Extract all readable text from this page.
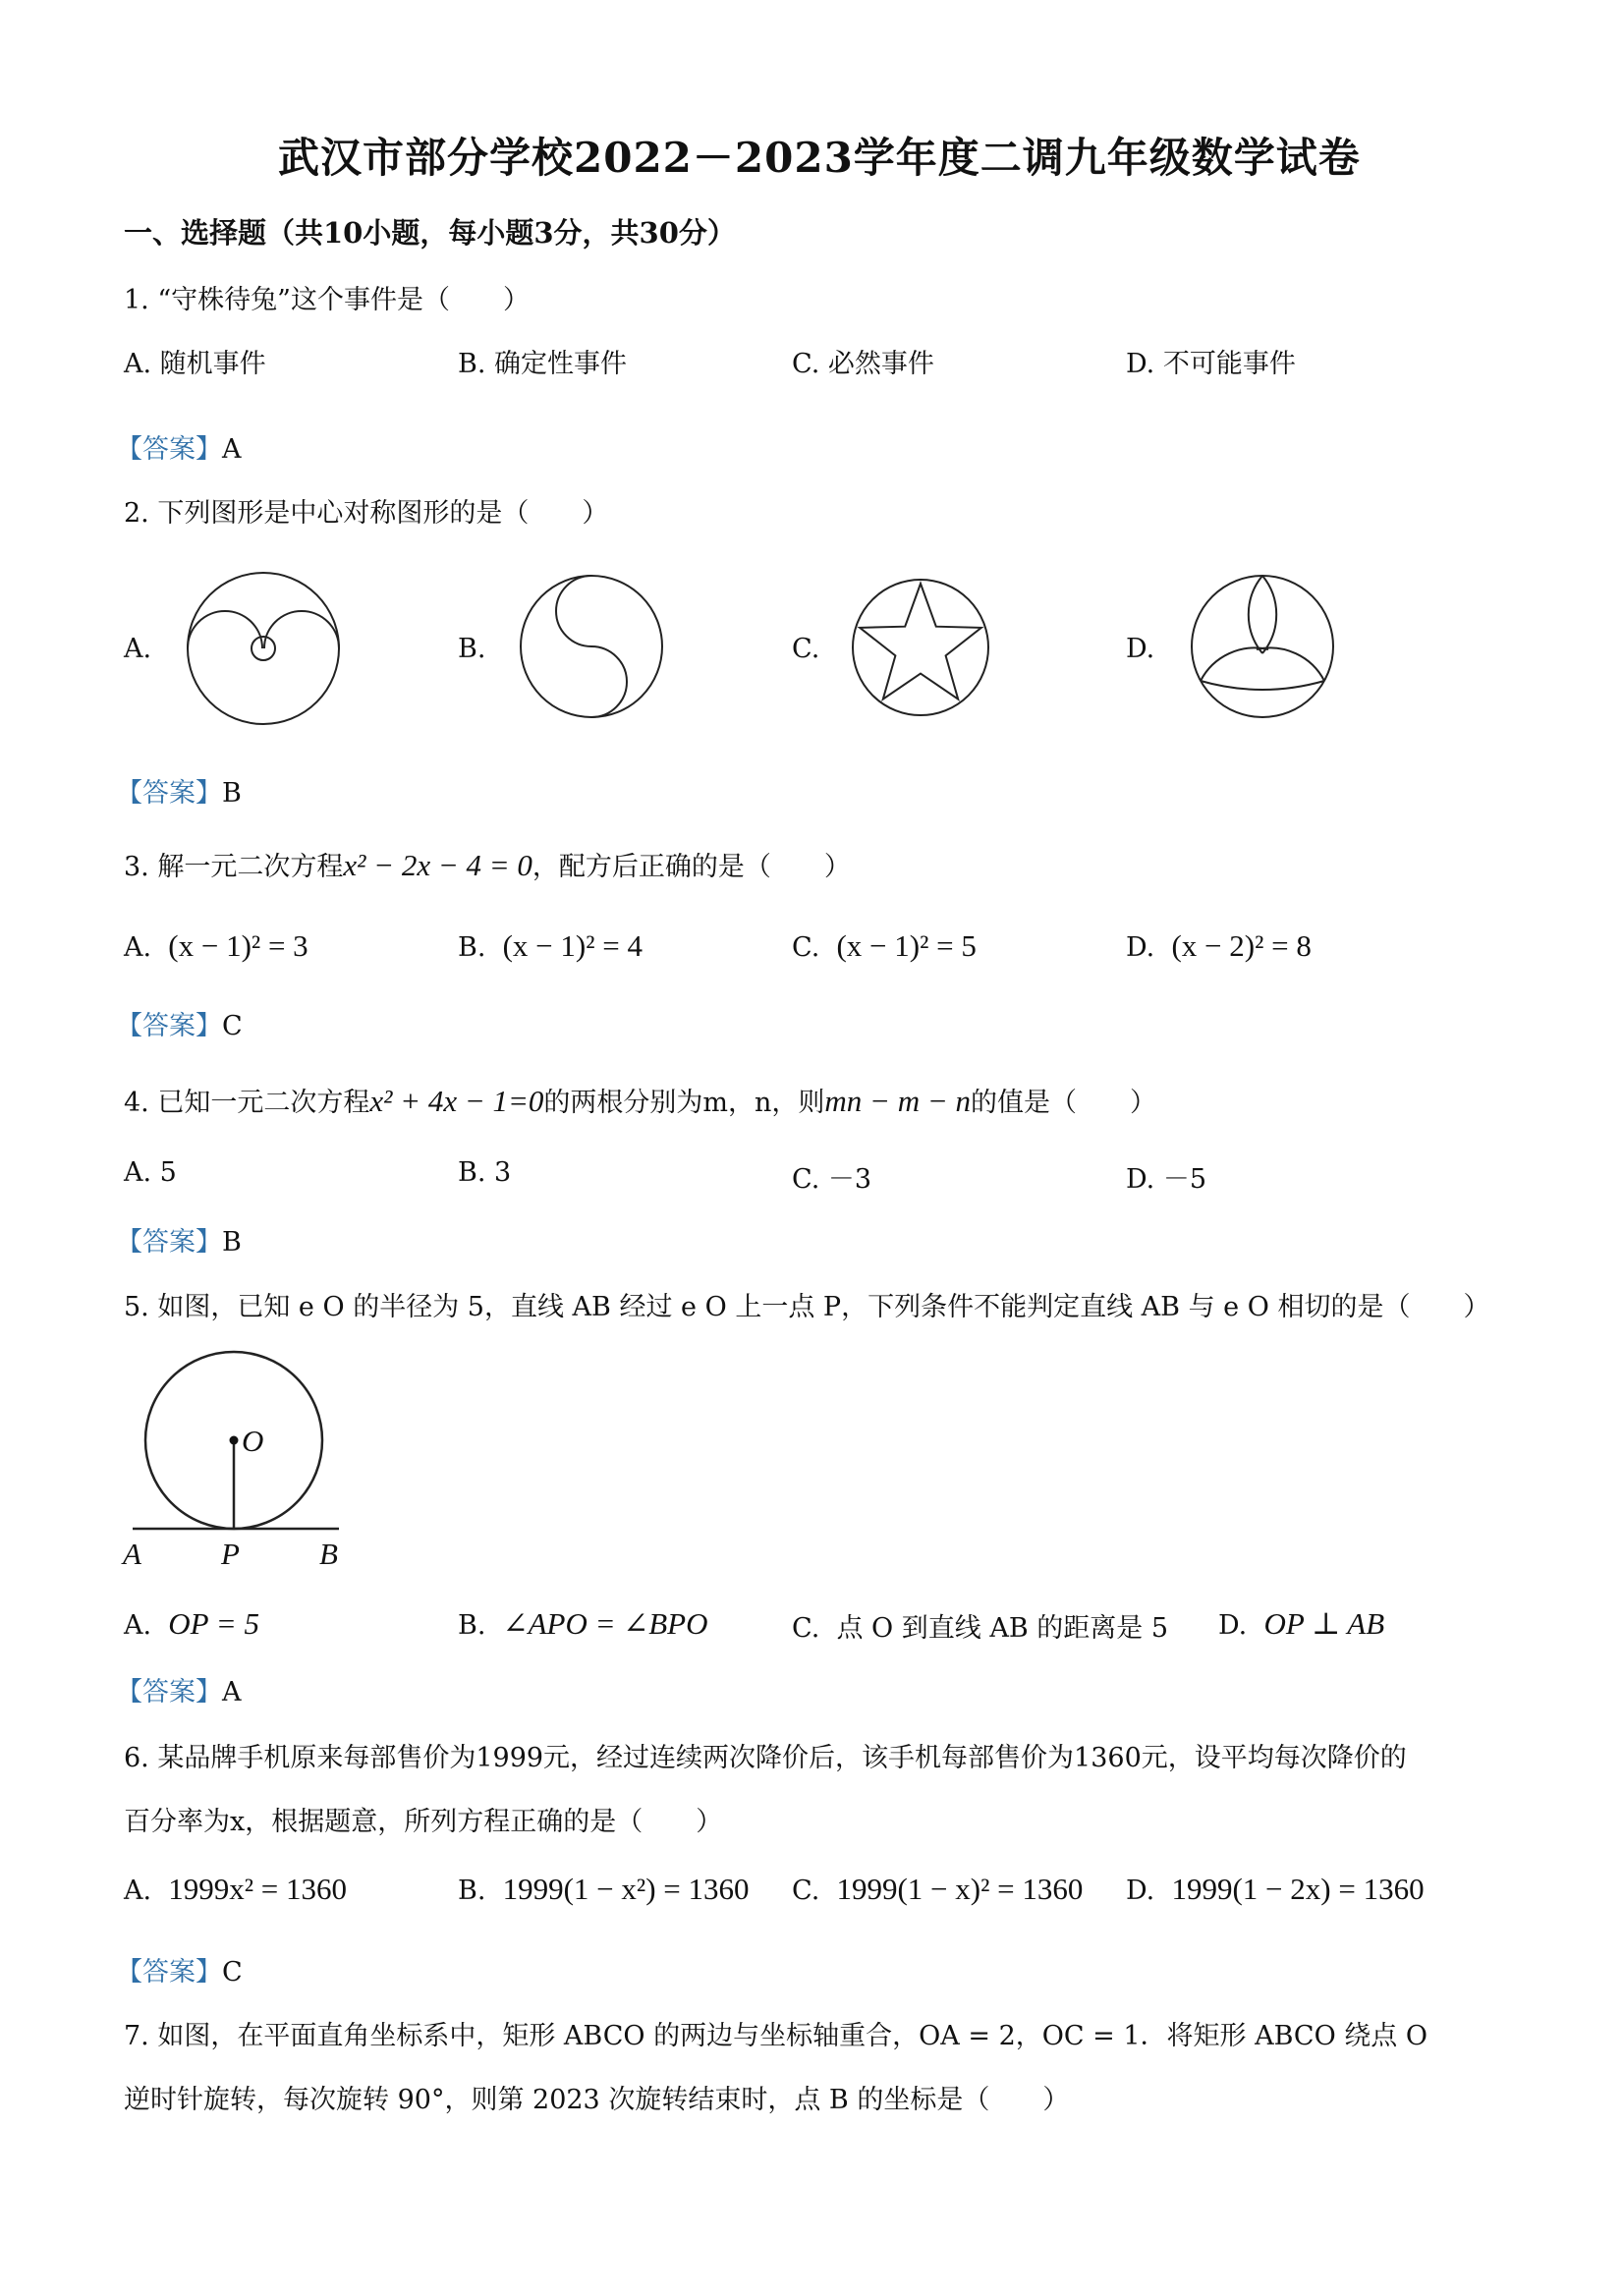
武汉市部分学校2022－2023学年度二调九年级数学试卷
一、选择题（共10小题，每小题3分，共30分）
1. “守株待兔”这个事件是（　　）
A. 随机事件	B. 确定性事件	C. 必然事件	D. 不可能事件
【答案】A
2. 下列图形是中心对称图形的是（　　）
A.	B.	C.	D.
【答案】B
3. 解一元二次方程x² − 2x − 4 = 0，配方后正确的是（　　）
A. (x − 1)² = 3	B. (x − 1)² = 4	C. (x − 1)² = 5	D. (x − 2)² = 8
【答案】C
4. 已知一元二次方程x² + 4x − 1=0的两根分别为m，n，则mn − m − n的值是（　　）
A. 5	B. 3	C. －3	D. －5
【答案】B
5. 如图，已知 e O 的半径为 5，直线 AB 经过 e O 上一点 P，下列条件不能判定直线 AB 与 e O 相切的是（　　）
O
A	P	B
A. OP = 5	B. ∠APO = ∠BPO	C. 点 O 到直线 AB 的距离是 5 D. OP ⊥ AB
【答案】A
6. 某品牌手机原来每部售价为1999元，经过连续两次降价后，该手机每部售价为1360元，设平均每次降价的
百分率为x，根据题意，所列方程正确的是（　　）
A. 1999x² = 1360	B. 1999(1 − x²) = 1360 C. 1999(1 − x)² = 1360 D. 1999(1 − 2x) = 1360
【答案】C
7. 如图，在平面直角坐标系中，矩形 ABCO 的两边与坐标轴重合，OA = 2，OC = 1．将矩形 ABCO 绕点 O
逆时针旋转，每次旋转 90°，则第 2023 次旋转结束时，点 B 的坐标是（　　）
